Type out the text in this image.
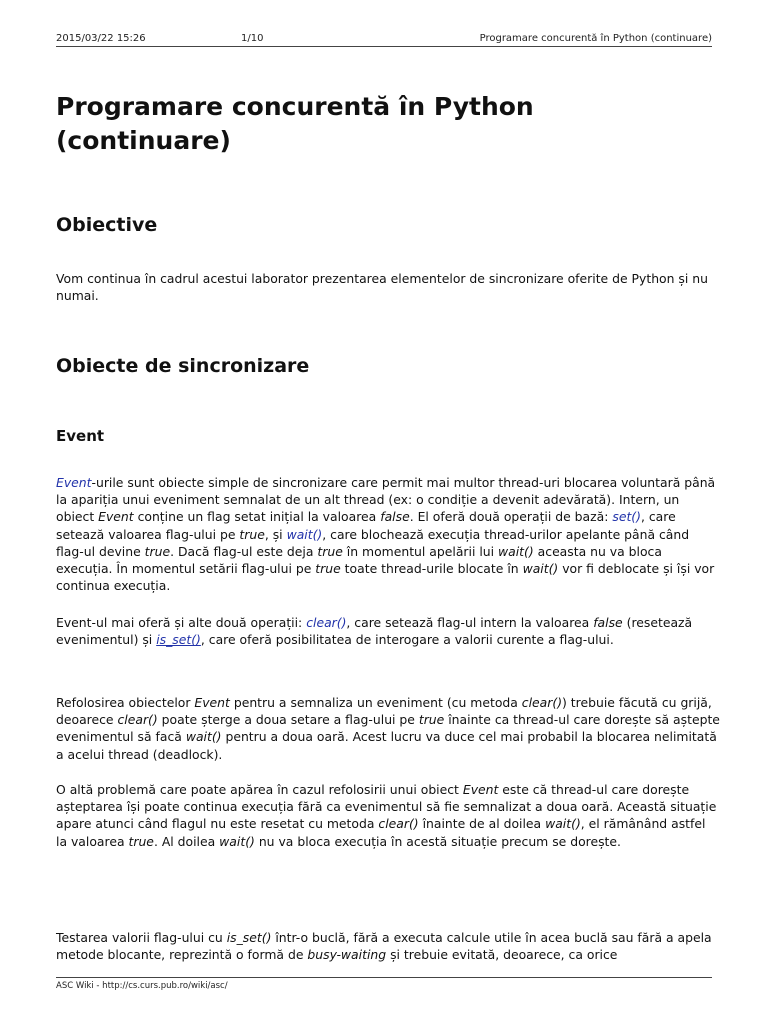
2015/03/22 15:26	1/10	Programare concurentă în Python (continuare)
Programare concurentă în Python
(continuare)
Obiective

Vom continua în cadrul acestui laborator prezentarea elementelor de sincronizare oferite de Python și nu numai.

Obiecte de sincronizare
Event

Event-urile sunt obiecte simple de sincronizare care permit mai multor thread-uri blocarea voluntară până la apariția unui eveniment semnalat de un alt thread (ex: o condiție a devenit adevărată). Intern, un obiect Event conține un flag setat inițial la valoarea false. El oferă două operații de bază: set(), care setează valoarea flag-ului pe true, și wait(), care blochează execuția thread-urilor apelante până când flag-ul devine true. Dacă flag-ul este deja true în momentul apelării lui wait() aceasta nu va bloca execuția. În momentul setării flag-ului pe true toate thread-urile blocate în wait() vor fi deblocate și își vor continua execuția.

Event-ul mai oferă și alte două operații: clear(), care setează flag-ul intern la valoarea false (resetează evenimentul) și is_set(), care oferă posibilitatea de interogare a valorii curente a flag-ului.

Refolosirea obiectelor Event pentru a semnaliza un eveniment (cu metoda clear()) trebuie făcută cu grijă, deoarece clear() poate șterge a doua setare a flag-ului pe true înainte ca thread-ul care dorește să aștepte evenimentul să facă wait() pentru a doua oară. Acest lucru va duce cel mai probabil la blocarea nelimitată a acelui thread (deadlock).

O altă problemă care poate apărea în cazul refolosirii unui obiect Event este că thread-ul care dorește așteptarea își poate continua execuția fără ca evenimentul să fie semnalizat a doua oară. Această situație apare atunci când flagul nu este resetat cu metoda clear() înainte de al doilea wait(), el rămânând astfel la valoarea true. Al doilea wait() nu va bloca execuția în acestă situație precum se dorește.

Testarea valorii flag-ului cu is_set() într-o buclă, fără a executa calcule utile în acea buclă sau fără a apela metode blocante, reprezintă o formă de busy-waiting și trebuie evitată, deoarece, ca orice

ASC Wiki - http://cs.curs.pub.ro/wiki/asc/
